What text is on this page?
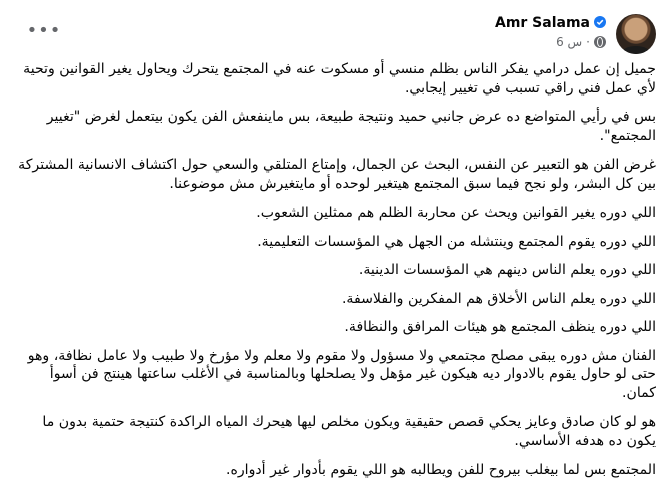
•••	Amr Salama
6 س ·

جميل إن عمل درامي يفكر الناس بظلم منسي أو مسكوت عنه في المجتمع يتحرك ويحاول يغير القوانين وتحية لأي عمل فني راقي تسبب في تغيير إيجابي.

بس في رأيي المتواضع ده عرض جانبي حميد ونتيجة طبيعة، بس ماينفعش الفن يكون بيتعمل لغرض "تغيير المجتمع".

غرض الفن هو التعبير عن النفس، البحث عن الجمال، وإمتاع المتلقي والسعي حول اكتشاف الانسانية المشتركة بين كل البشر، ولو نجح فيما سبق المجتمع هيتغير لوحده أو مايتغيرش مش موضوعنا.

اللي دوره يغير القوانين ويحث عن محاربة الظلم هم ممثلين الشعوب.

اللي دوره يقوم المجتمع وينتشله من الجهل هي المؤسسات التعليمية.

اللي دوره يعلم الناس دينهم هي المؤسسات الدينية.

اللي دوره يعلم الناس الأخلاق هم المفكرين والفلاسفة.

اللي دوره ينظف المجتمع هو هيئات المرافق والنظافة.

الفنان مش دوره يبقى مصلح مجتمعي ولا مسؤول ولا مقوم ولا معلم ولا مؤرخ ولا طبيب ولا عامل نظافة، وهو حتى لو حاول يقوم بالادوار ديه هيكون غير مؤهل ولا يصلحلها وبالمناسبة في الأغلب ساعتها هينتج فن أسوأ كمان.

هو لو كان صادق وعايز يحكي قصص حقيقية ويكون مخلص ليها هيحرك المياه الراكدة كنتيجة حتمية بدون ما يكون ده هدفه الأساسي.

المجتمع بس لما بيغلب بيروح للفن ويطالبه هو اللي يقوم بأدوار غير أدواره.
